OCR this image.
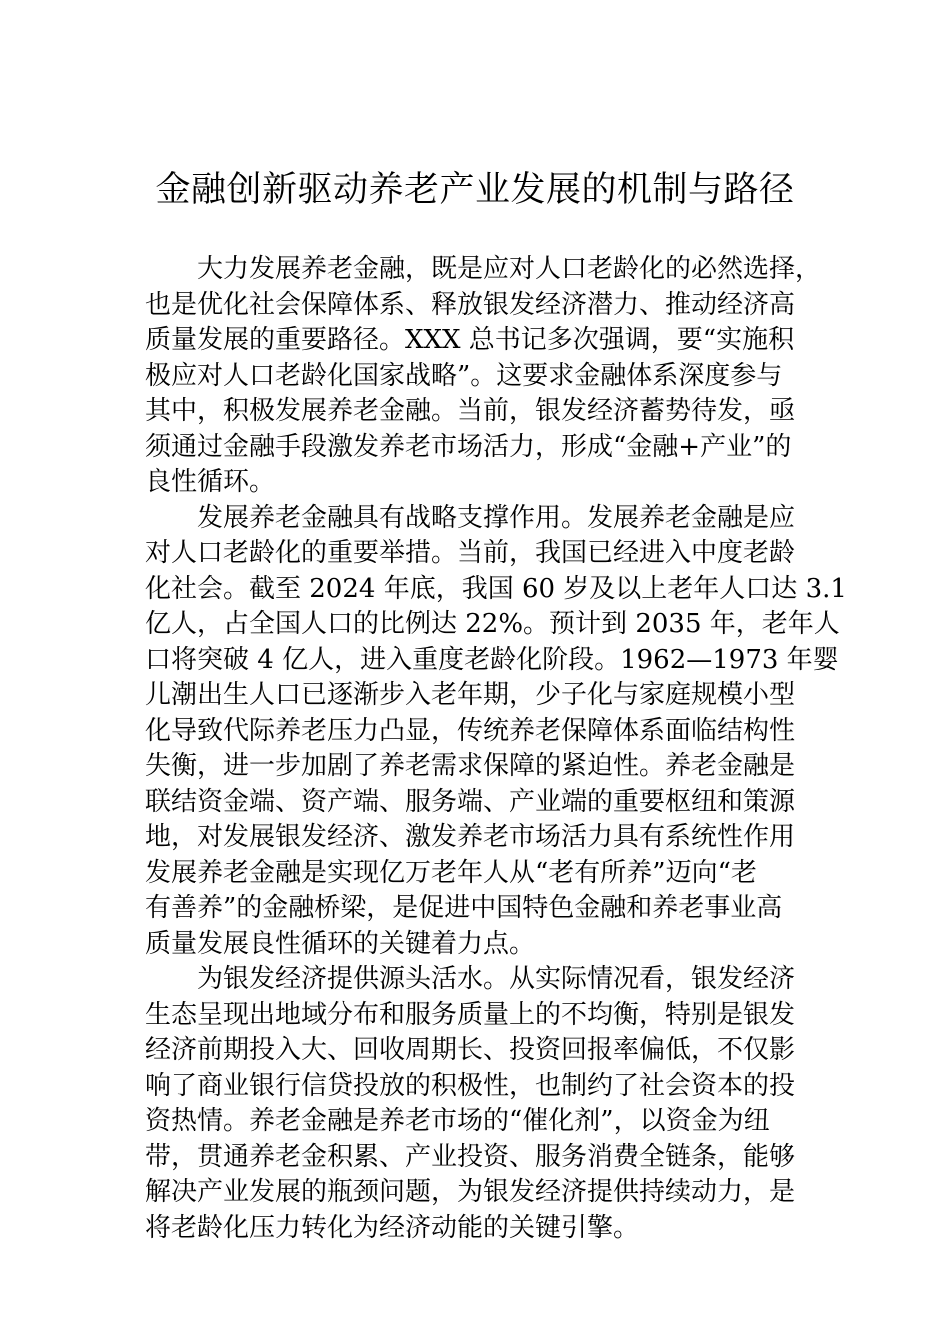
金融创新驱动养老产业发展的机制与路径

大力发展养老金融，既是应对人口老龄化的必然选择，
也是优化社会保障体系、释放银发经济潜力、推动经济高
质量发展的重要路径。XXX 总书记多次强调，要“实施积
极应对人口老龄化国家战略”。这要求金融体系深度参与
其中，积极发展养老金融。当前，银发经济蓄势待发，亟
须通过金融手段激发养老市场活力，形成“金融+产业”的
良性循环。

发展养老金融具有战略支撑作用。发展养老金融是应
对人口老龄化的重要举措。当前，我国已经进入中度老龄
化社会。截至 2024 年底，我国 60 岁及以上老年人口达 3.1
亿人，占全国人口的比例达 22%。预计到 2035 年，老年人
口将突破 4 亿人，进入重度老龄化阶段。1962—1973 年婴
儿潮出生人口已逐渐步入老年期，少子化与家庭规模小型
化导致代际养老压力凸显，传统养老保障体系面临结构性
失衡，进一步加剧了养老需求保障的紧迫性。养老金融是
联结资金端、资产端、服务端、产业端的重要枢纽和策源
地，对发展银发经济、激发养老市场活力具有系统性作用
发展养老金融是实现亿万老年人从“老有所养”迈向“老
有善养”的金融桥梁，是促进中国特色金融和养老事业高
质量发展良性循环的关键着力点。

为银发经济提供源头活水。从实际情况看，银发经济
生态呈现出地域分布和服务质量上的不均衡，特别是银发
经济前期投入大、回收周期长、投资回报率偏低，不仅影
响了商业银行信贷投放的积极性，也制约了社会资本的投
资热情。养老金融是养老市场的“催化剂”，以资金为纽
带，贯通养老金积累、产业投资、服务消费全链条，能够
解决产业发展的瓶颈问题，为银发经济提供持续动力，是
将老龄化压力转化为经济动能的关键引擎。
